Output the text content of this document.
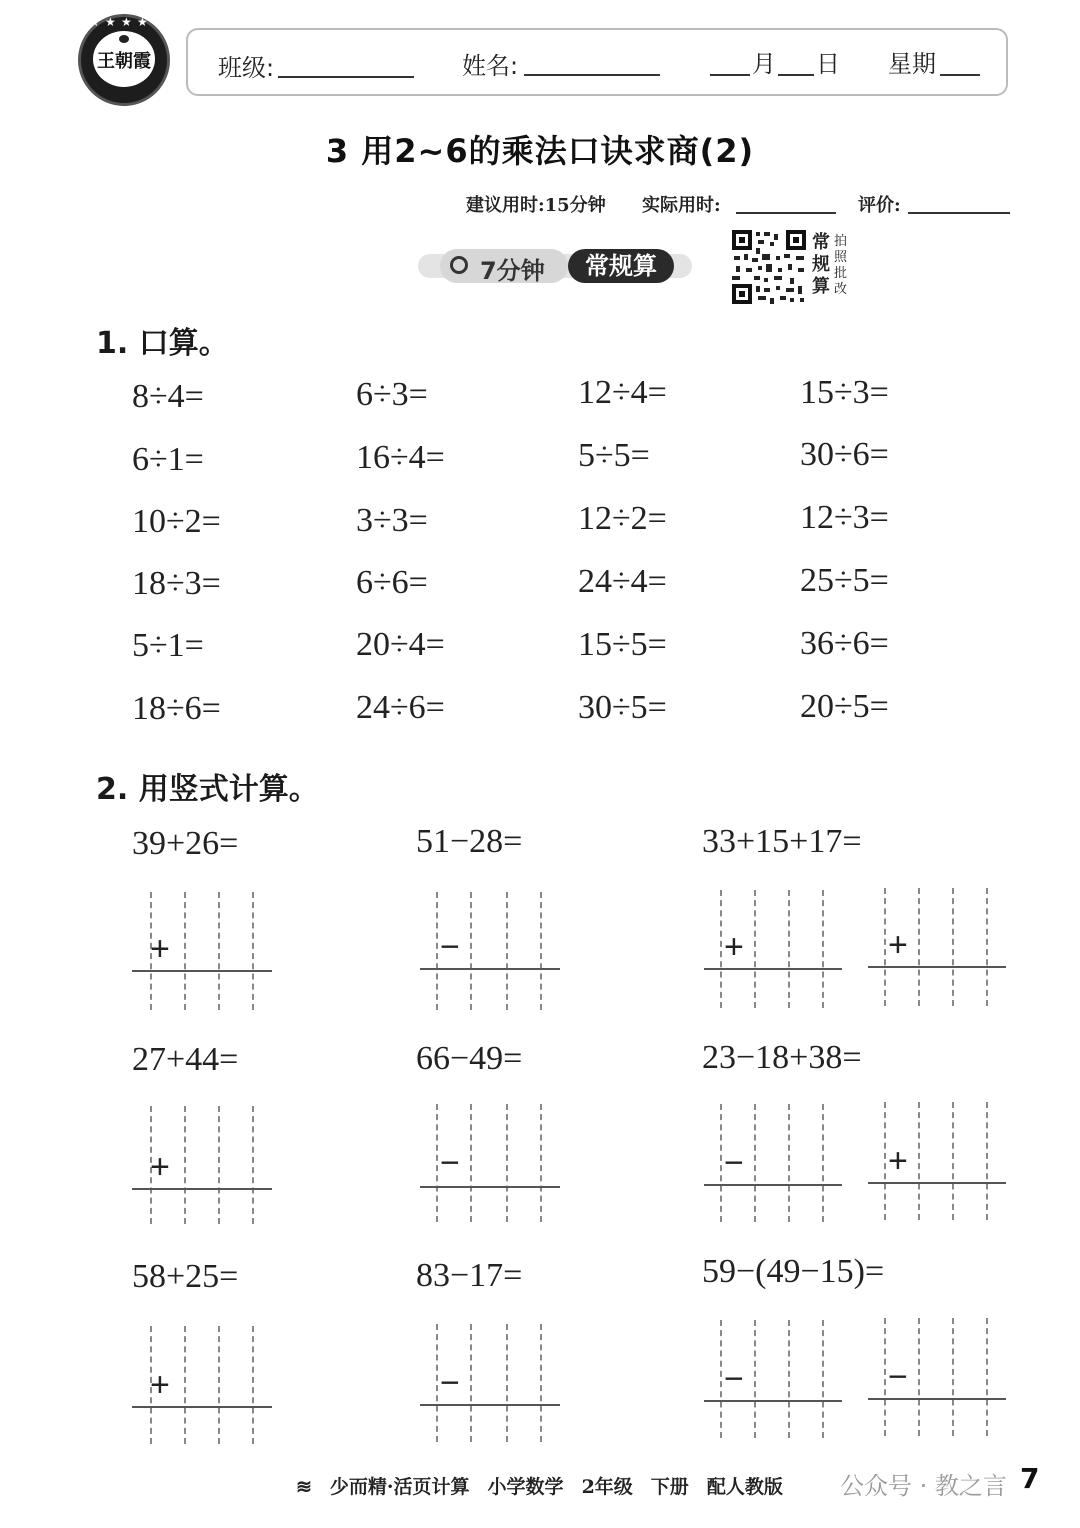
★ ★ ★ ★ ★
王朝霞	班级:	姓名:	月 日 星期
3 用2~6的乘法口诀求商(2)
建议用时:15分钟 实际用时:	评价:
7分钟	常规算
常规算
拍照批改
1. 口算。
8÷4=	6÷3=	12÷4=	15÷3=
6÷1=	16÷4=	5÷5=	30÷6=
10÷2=	3÷3=	12÷2=	12÷3=
18÷3=	6÷6=	24÷4=	25÷5=
5÷1=	20÷4=	15÷5=	36÷6=
18÷6=	24÷6=	30÷5=	20÷5=
2. 用竖式计算。
39+26=	51−28=	33+15+17=
+	−	+	+
27+44=	66−49=	23−18+38=
+	−	−	+
58+25=	83−17=	59−(49−15)=
+	−	−	−
≋ 少而精·活页计算 小学数学 2年级 下册 配人教版	公众号 · 教之言 7
